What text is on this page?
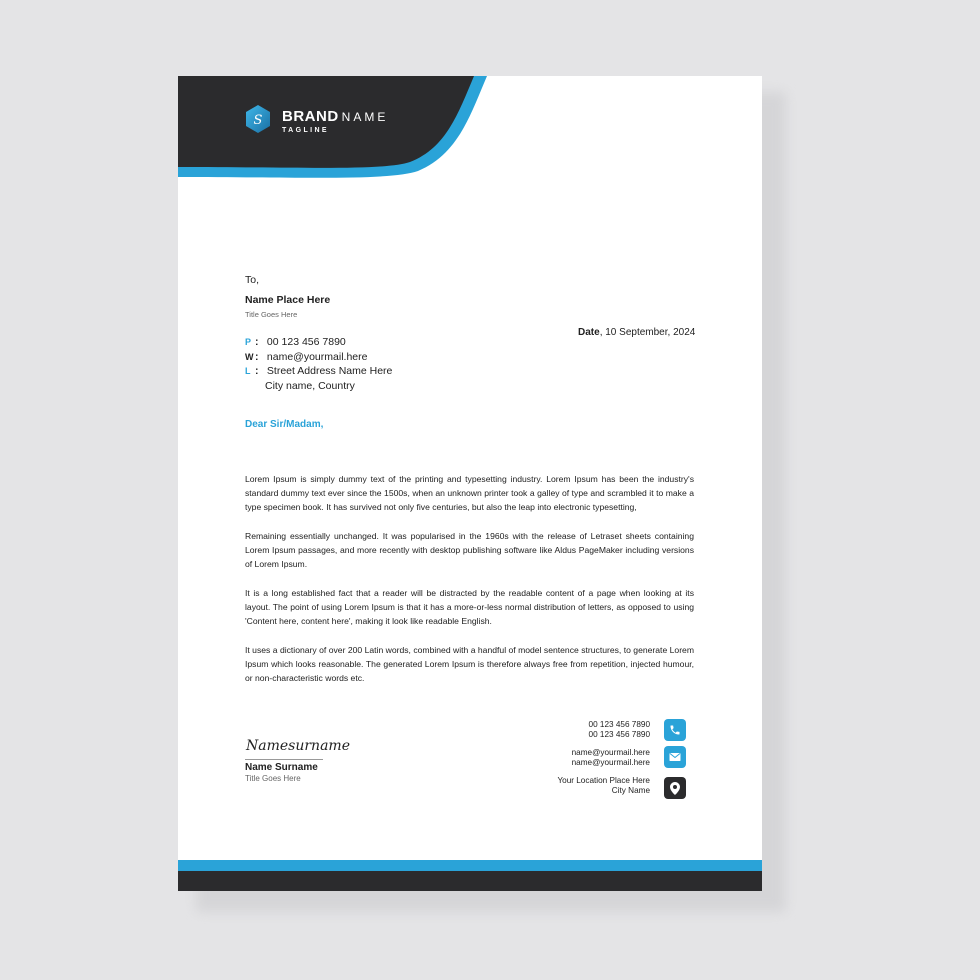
S BRAND NAME
TAGLINE
To,
Name Place Here
Title Goes Here
Date, 10 September, 2024
P : 00 123 456 7890
W : name@yourmail.here
L : Street Address Name Here
City name, Country
Dear Sir/Madam,

Lorem Ipsum is simply dummy text of the printing and typesetting industry. Lorem Ipsum has been the industry's standard dummy text ever since the 1500s, when an unknown printer took a galley of type and scrambled it to make a type specimen book. It has survived not only five centuries, but also the leap into electronic typesetting,

Remaining essentially unchanged. It was popularised in the 1960s with the release of Letraset sheets containing Lorem Ipsum passages, and more recently with desktop publishing software like Aldus PageMaker including versions of Lorem Ipsum.

It is a long established fact that a reader will be distracted by the readable content of a page when looking at its layout. The point of using Lorem Ipsum is that it has a more-or-less normal distribution of letters, as opposed to using 'Content here, content here', making it look like readable English.

It uses a dictionary of over 200 Latin words, combined with a handful of model sentence structures, to generate Lorem Ipsum which looks reasonable. The generated Lorem Ipsum is therefore always free from repetition, injected humour, or non-characteristic words etc.

Namesurname
Name Surname
Title Goes Here
00 123 456 7890
00 123 456 7890
name@yourmail.here
name@yourmail.here
Your Location Place Here
City Name
